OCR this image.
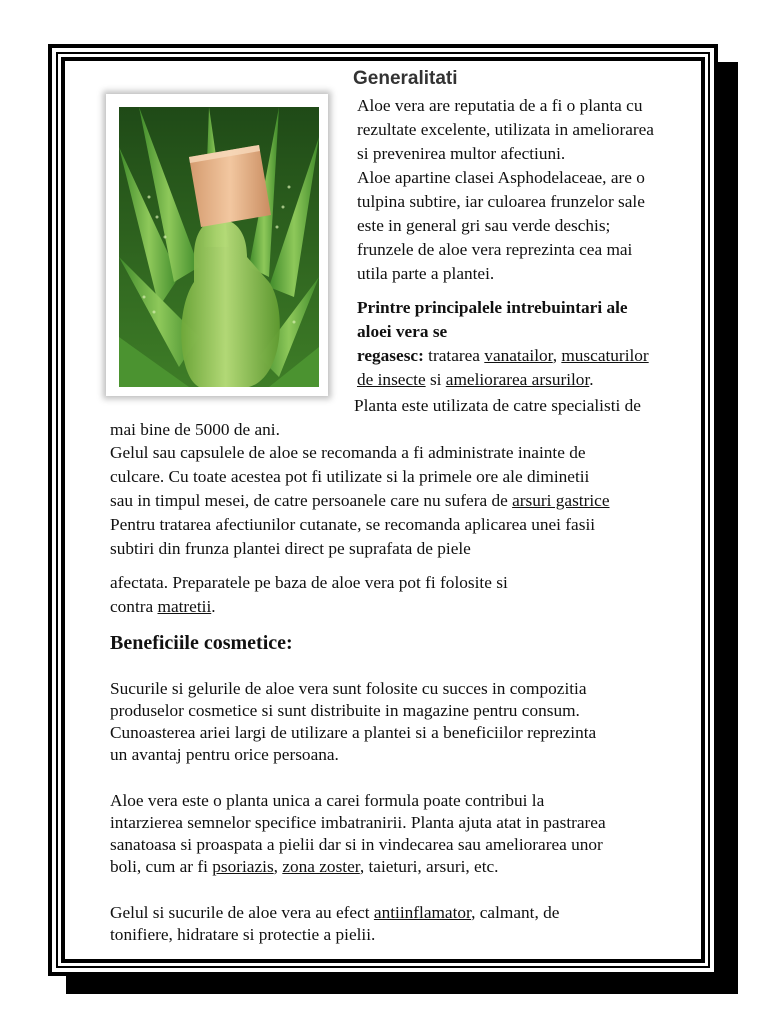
Generalitati
Aloe vera are reputatia de a fi o planta cu
rezultate excelente, utilizata in ameliorarea
si prevenirea multor afectiuni.
Aloe apartine clasei Asphodelaceae, are o
tulpina subtire, iar culoarea frunzelor sale
este in general gri sau verde deschis;
frunzele de aloe vera reprezinta cea mai
utila parte a plantei.
Printre principalele intrebuintari ale
aloei vera se
regasesc: tratarea vanatailor, muscaturilor
de insecte si ameliorarea arsurilor.
Planta este utilizata de catre specialisti de
mai bine de 5000 de ani.
Gelul sau capsulele de aloe se recomanda a fi administrate inainte de
culcare. Cu toate acestea pot fi utilizate si la primele ore ale diminetii
sau in timpul mesei, de catre persoanele care nu sufera de arsuri gastrice
Pentru tratarea afectiunilor cutanate, se recomanda aplicarea unei fasii
subtiri din frunza plantei direct pe suprafata de piele
afectata. Preparatele pe baza de aloe vera pot fi folosite si
contra matretii.
Beneficiile cosmetice:
Sucurile si gelurile de aloe vera sunt folosite cu succes in compozitia
produselor cosmetice si sunt distribuite in magazine pentru consum.
Cunoasterea ariei largi de utilizare a plantei si a beneficiilor reprezinta
un avantaj pentru orice persoana.
Aloe vera este o planta unica a carei formula poate contribui la
intarzierea semnelor specifice imbatranirii. Planta ajuta atat in pastrarea
sanatoasa si proaspata a pielii dar si in vindecarea sau ameliorarea unor
boli, cum ar fi psoriazis, zona zoster, taieturi, arsuri, etc.
Gelul si sucurile de aloe vera au efect antiinflamator, calmant, de
tonifiere, hidratare si protectie a pielii.
